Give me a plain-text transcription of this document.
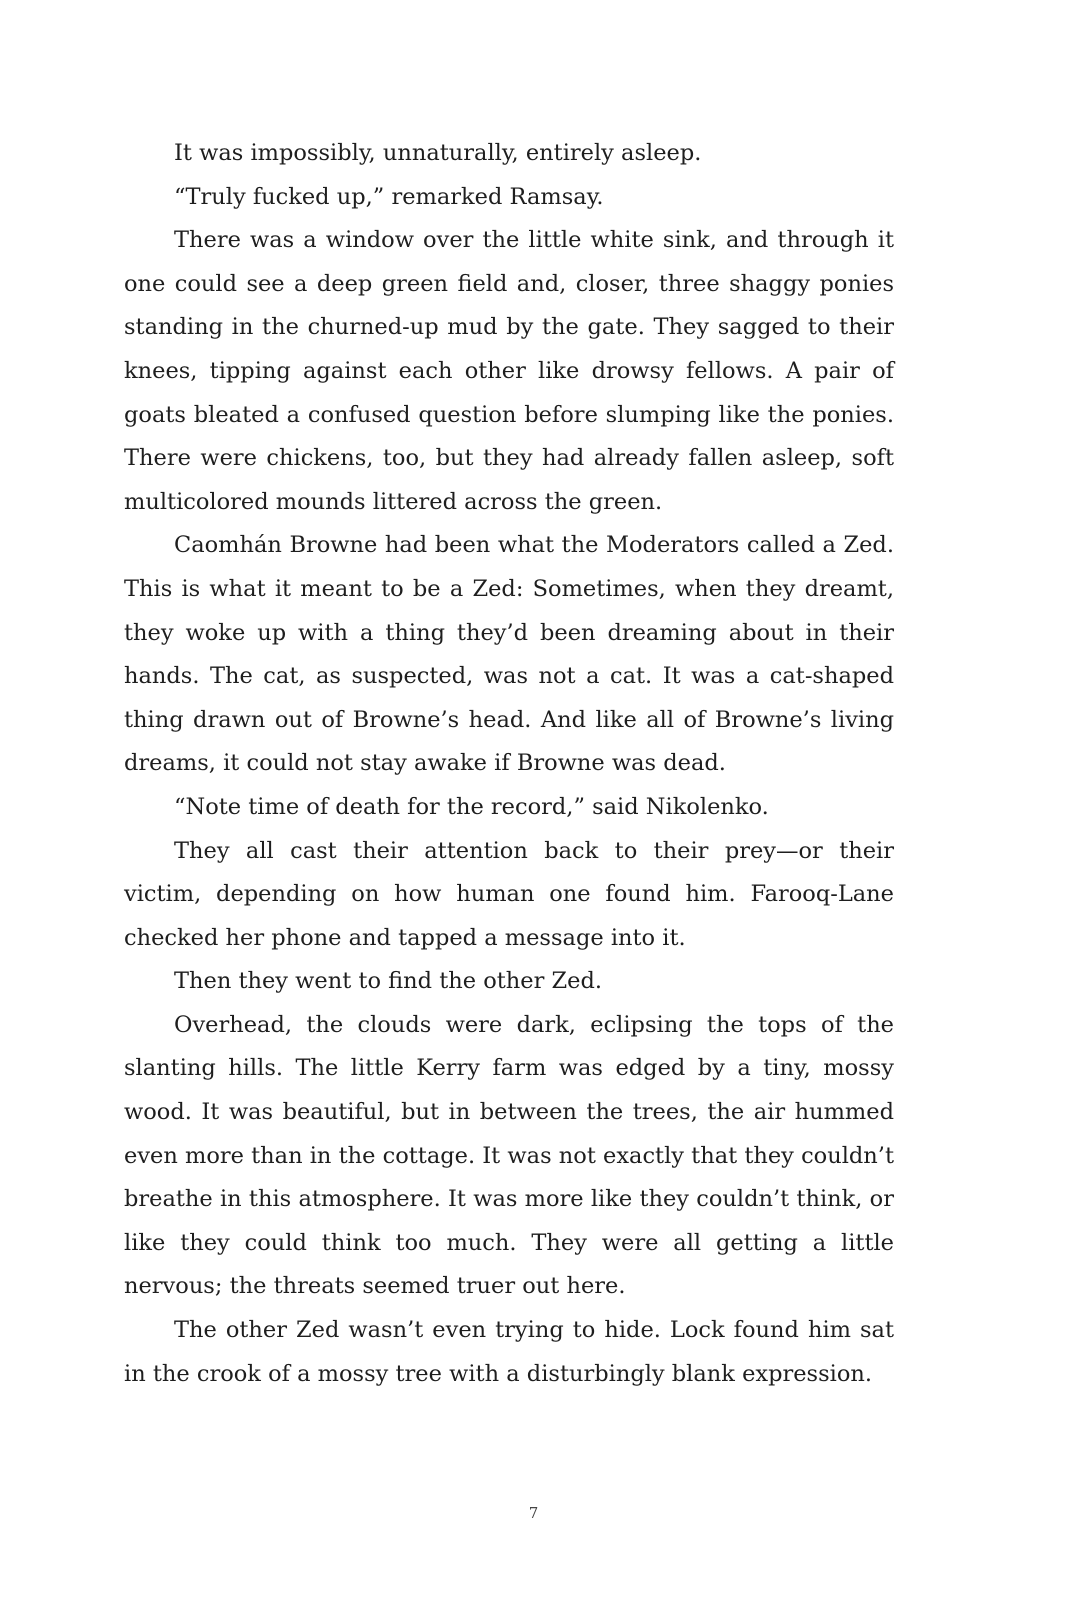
It was impossibly, unnaturally, entirely asleep.

“Truly fucked up,” remarked Ramsay.

There was a window over the little white sink, and through it one could see a deep green field and, closer, three shaggy ponies standing in the churned-up mud by the gate. They sagged to their knees, tipping against each other like drowsy fellows. A pair of goats bleated a confused question before slumping like the ponies. There were chickens, too, but they had already fallen asleep, soft multicolored mounds littered across the green.

Caomhán Browne had been what the Moderators called a Zed. This is what it meant to be a Zed: Sometimes, when they dreamt, they woke up with a thing they’d been dreaming about in their hands. The cat, as suspected, was not a cat. It was a cat-shaped thing drawn out of Browne’s head. And like all of Browne’s living dreams, it could not stay awake if Browne was dead.

“Note time of death for the record,” said Nikolenko.

They all cast their attention back to their prey—or their victim, depending on how human one found him. Farooq-Lane checked her phone and tapped a message into it.

Then they went to find the other Zed.

Overhead, the clouds were dark, eclipsing the tops of the slanting hills. The little Kerry farm was edged by a tiny, mossy wood. It was beautiful, but in between the trees, the air hummed even more than in the cottage. It was not exactly that they couldn’t breathe in this atmosphere. It was more like they couldn’t think, or like they could think too much. They were all getting a little nervous; the threats seemed truer out here.

The other Zed wasn’t even trying to hide. Lock found him sat in the crook of a mossy tree with a disturbingly blank expression.

7
